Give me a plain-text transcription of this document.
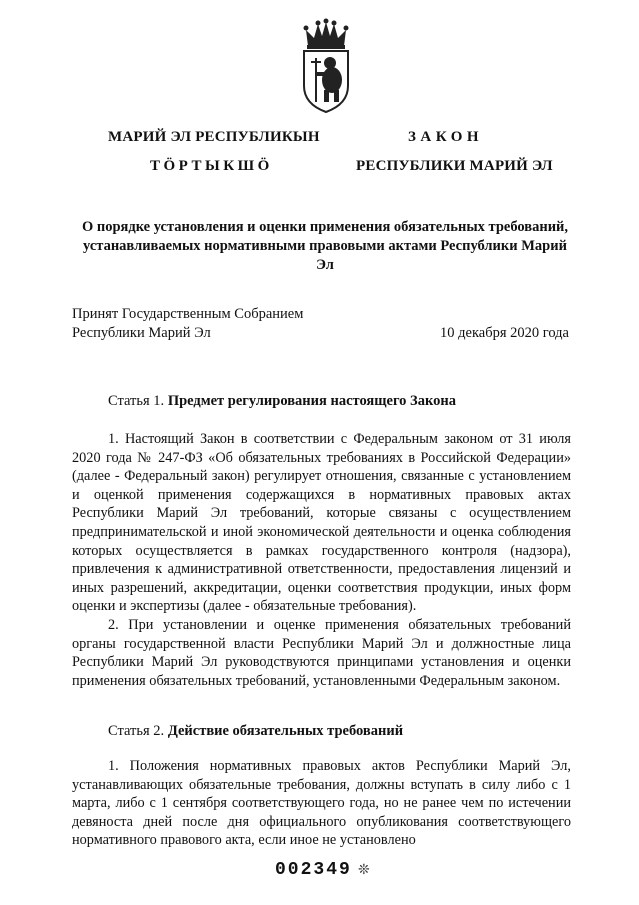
МАРИЙ ЭЛ РЕСПУБЛИКЫН
ТӦРТЫКШӦ
ЗАКОН
РЕСПУБЛИКИ МАРИЙ ЭЛ
О порядке установления и оценки применения обязательных требований, устанавливаемых нормативными правовыми актами Республики Марий Эл
Принят Государственным Собранием
Республики Марий Эл	10 декабря 2020 года
Статья 1. Предмет регулирования настоящего Закона

1. Настоящий Закон в соответствии с Федеральным законом от 31 июля 2020 года № 247-ФЗ «Об обязательных требованиях в Российской Федерации» (далее - Федеральный закон) регулирует отношения, связанные с установлением и оценкой применения содержащихся в нормативных правовых актах Республики Марий Эл требований, которые связаны с осуществлением предпринимательской и иной экономической деятельности и оценка соблюдения которых осуществляется в рамках государственного контроля (надзора), привлечения к административной ответственности, предоставления лицензий и иных разрешений, аккредитации, оценки соответствия продукции, иных форм оценки и экспертизы (далее - обязательные требования).

2. При установлении и оценке применения обязательных требований органы государственной власти Республики Марий Эл и должностные лица Республики Марий Эл руководствуются принципами установления и оценки применения обязательных требований, установленными Федеральным законом.

Статья 2. Действие обязательных требований

1. Положения нормативных правовых актов Республики Марий Эл, устанавливающих обязательные требования, должны вступать в силу либо с 1 марта, либо с 1 сентября соответствующего года, но не ранее чем по истечении девяноста дней после дня официального опубликования соответствующего нормативного правового акта, если иное не установлено

002349 ❊
